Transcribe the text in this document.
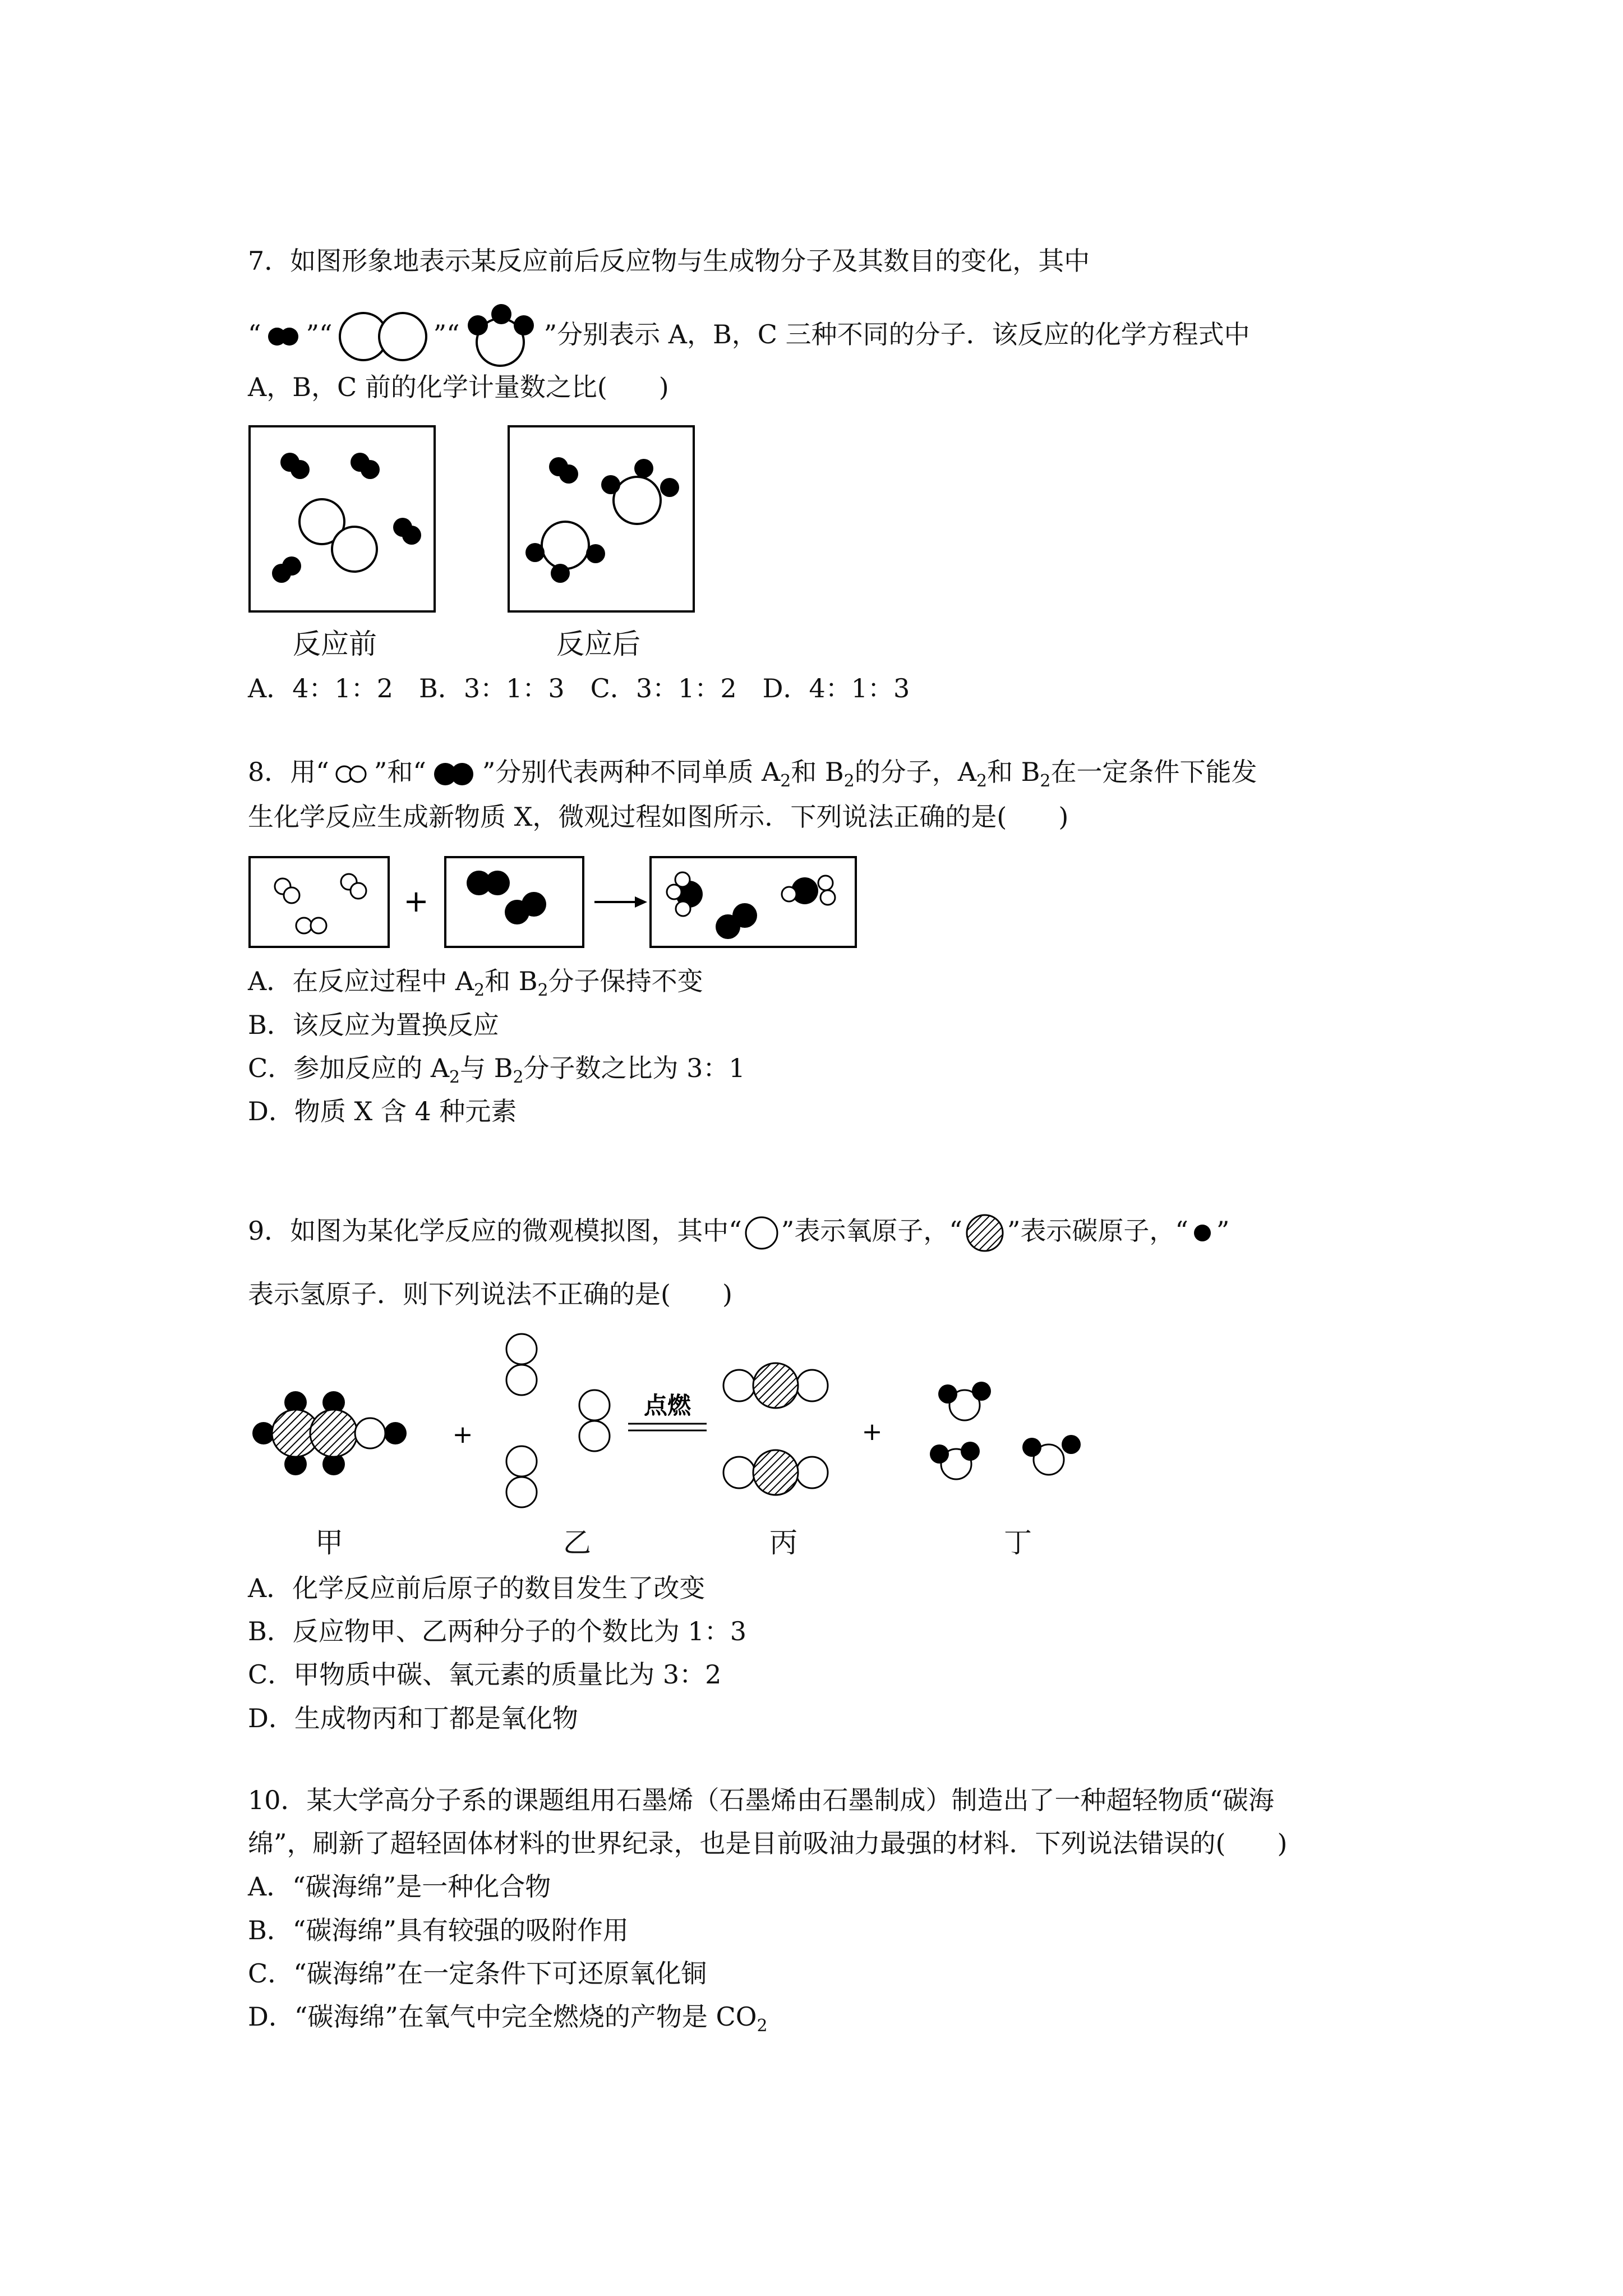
7．如图形象地表示某反应前后反应物与生成物分子及其数目的变化，其中
“ ”“	”“	”分别表示 A，B，C 三种不同的分子．该反应的化学方程式中
A，B，C 前的化学计量数之比(　　)
反应前	反应后
A．4：1：2　B．3：1：3　C．3：1：2　D．4：1：3
8．用“ ”和“ ”分别代表两种不同单质 $A_2$和 $B_2$的分子，$A_2$和 $B_2$在一定条件下能发
生化学反应生成新物质 X，微观过程如图所示．下列说法正确的是(　　)
+
A．在反应过程中 $A_2$和 $B_2$分子保持不变
B．该反应为置换反应
C．参加反应的 $A_2$与 $B_2$分子数之比为 3：1
D．物质 X 含 4 种元素
9．如图为某化学反应的微观模拟图，其中“ ”表示氧原子，“ ”表示碳原子，“ ”
表示氢原子．则下列说法不正确的是(　　)
+
点燃
+
甲	乙	丙	丁
A．化学反应前后原子的数目发生了改变
B．反应物甲、乙两种分子的个数比为 1：3
C．甲物质中碳、氧元素的质量比为 3：2
D．生成物丙和丁都是氧化物
10．某大学高分子系的课题组用石墨烯（石墨烯由石墨制成）制造出了一种超轻物质“碳海
绵”，刷新了超轻固体材料的世界纪录，也是目前吸油力最强的材料．下列说法错误的(　　)
A．“碳海绵”是一种化合物
B．“碳海绵”具有较强的吸附作用
C．“碳海绵”在一定条件下可还原氧化铜
D．“碳海绵”在氧气中完全燃烧的产物是 $CO_2$
